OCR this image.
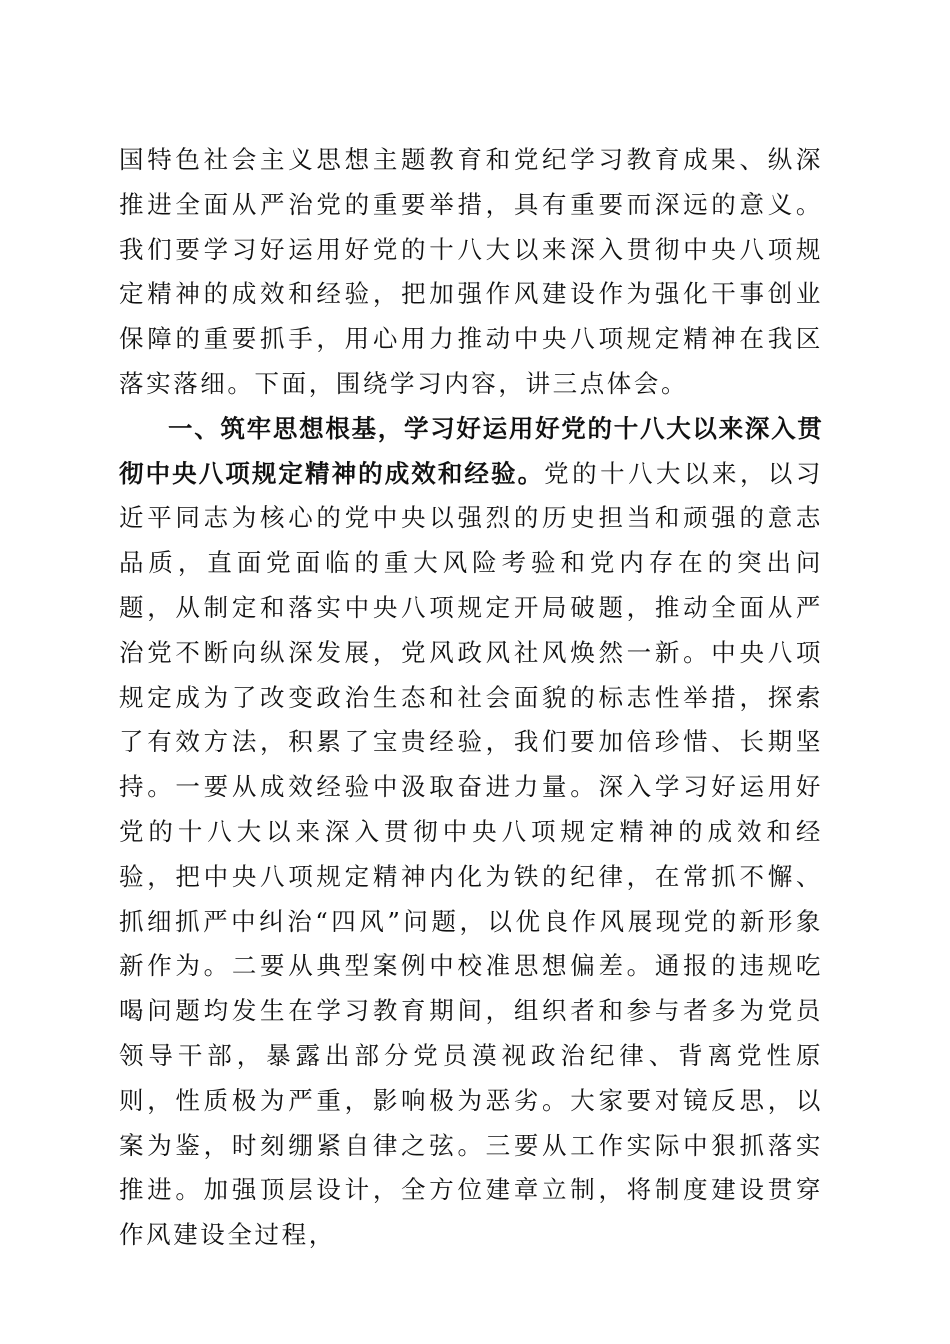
国特色社会主义思想主题教育和党纪学习教育成果、纵深推进全面从严治党的重要举措，具有重要而深远的意义。我们要学习好运用好党的十八大以来深入贯彻中央八项规定精神的成效和经验，把加强作风建设作为强化干事创业保障的重要抓手，用心用力推动中央八项规定精神在我区落实落细。下面，围绕学习内容，讲三点体会。

一、筑牢思想根基，学习好运用好党的十八大以来深入贯彻中央八项规定精神的成效和经验。党的十八大以来，以习近平同志为核心的党中央以强烈的历史担当和顽强的意志品质，直面党面临的重大风险考验和党内存在的突出问题，从制定和落实中央八项规定开局破题，推动全面从严治党不断向纵深发展，党风政风社风焕然一新。中央八项规定成为了改变政治生态和社会面貌的标志性举措，探索了有效方法，积累了宝贵经验，我们要加倍珍惜、长期坚持。一要从成效经验中汲取奋进力量。深入学习好运用好党的十八大以来深入贯彻中央八项规定精神的成效和经验，把中央八项规定精神内化为铁的纪律，在常抓不懈、抓细抓严中纠治“四风”问题，以优良作风展现党的新形象新作为。二要从典型案例中校准思想偏差。通报的违规吃喝问题均发生在学习教育期间，组织者和参与者多为党员领导干部，暴露出部分党员漠视政治纪律、背离党性原则，性质极为严重，影响极为恶劣。大家要对镜反思，以案为鉴，时刻绷紧自律之弦。三要从工作实际中狠抓落实推进。加强顶层设计，全方位建章立制，将制度建设贯穿作风建设全过程，
